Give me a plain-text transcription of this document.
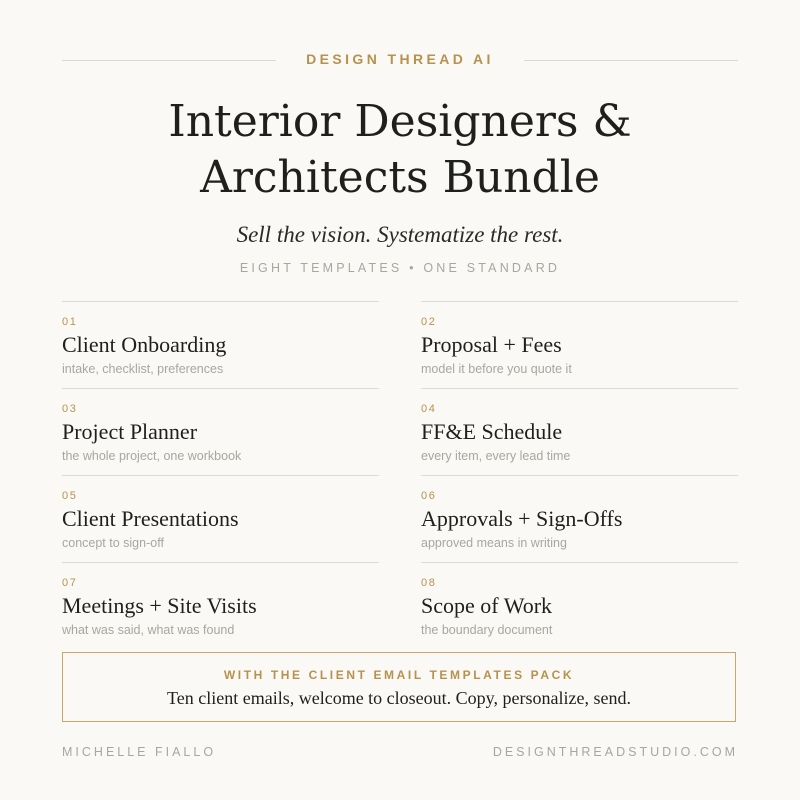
DESIGN THREAD AI
Interior Designers &
Architects Bundle
Sell the vision. Systematize the rest.
EIGHT TEMPLATES • ONE STANDARD
01
Client Onboarding
intake, checklist, preferences
02
Proposal + Fees
model it before you quote it
03
Project Planner
the whole project, one workbook
04
FF&E Schedule
every item, every lead time
05
Client Presentations
concept to sign-off
06
Approvals + Sign-Offs
approved means in writing
07
Meetings + Site Visits
what was said, what was found
08
Scope of Work
the boundary document
WITH THE CLIENT EMAIL TEMPLATES PACK
Ten client emails, welcome to closeout. Copy, personalize, send.
MICHELLE FIALLO	DESIGNTHREADSTUDIO.COM
